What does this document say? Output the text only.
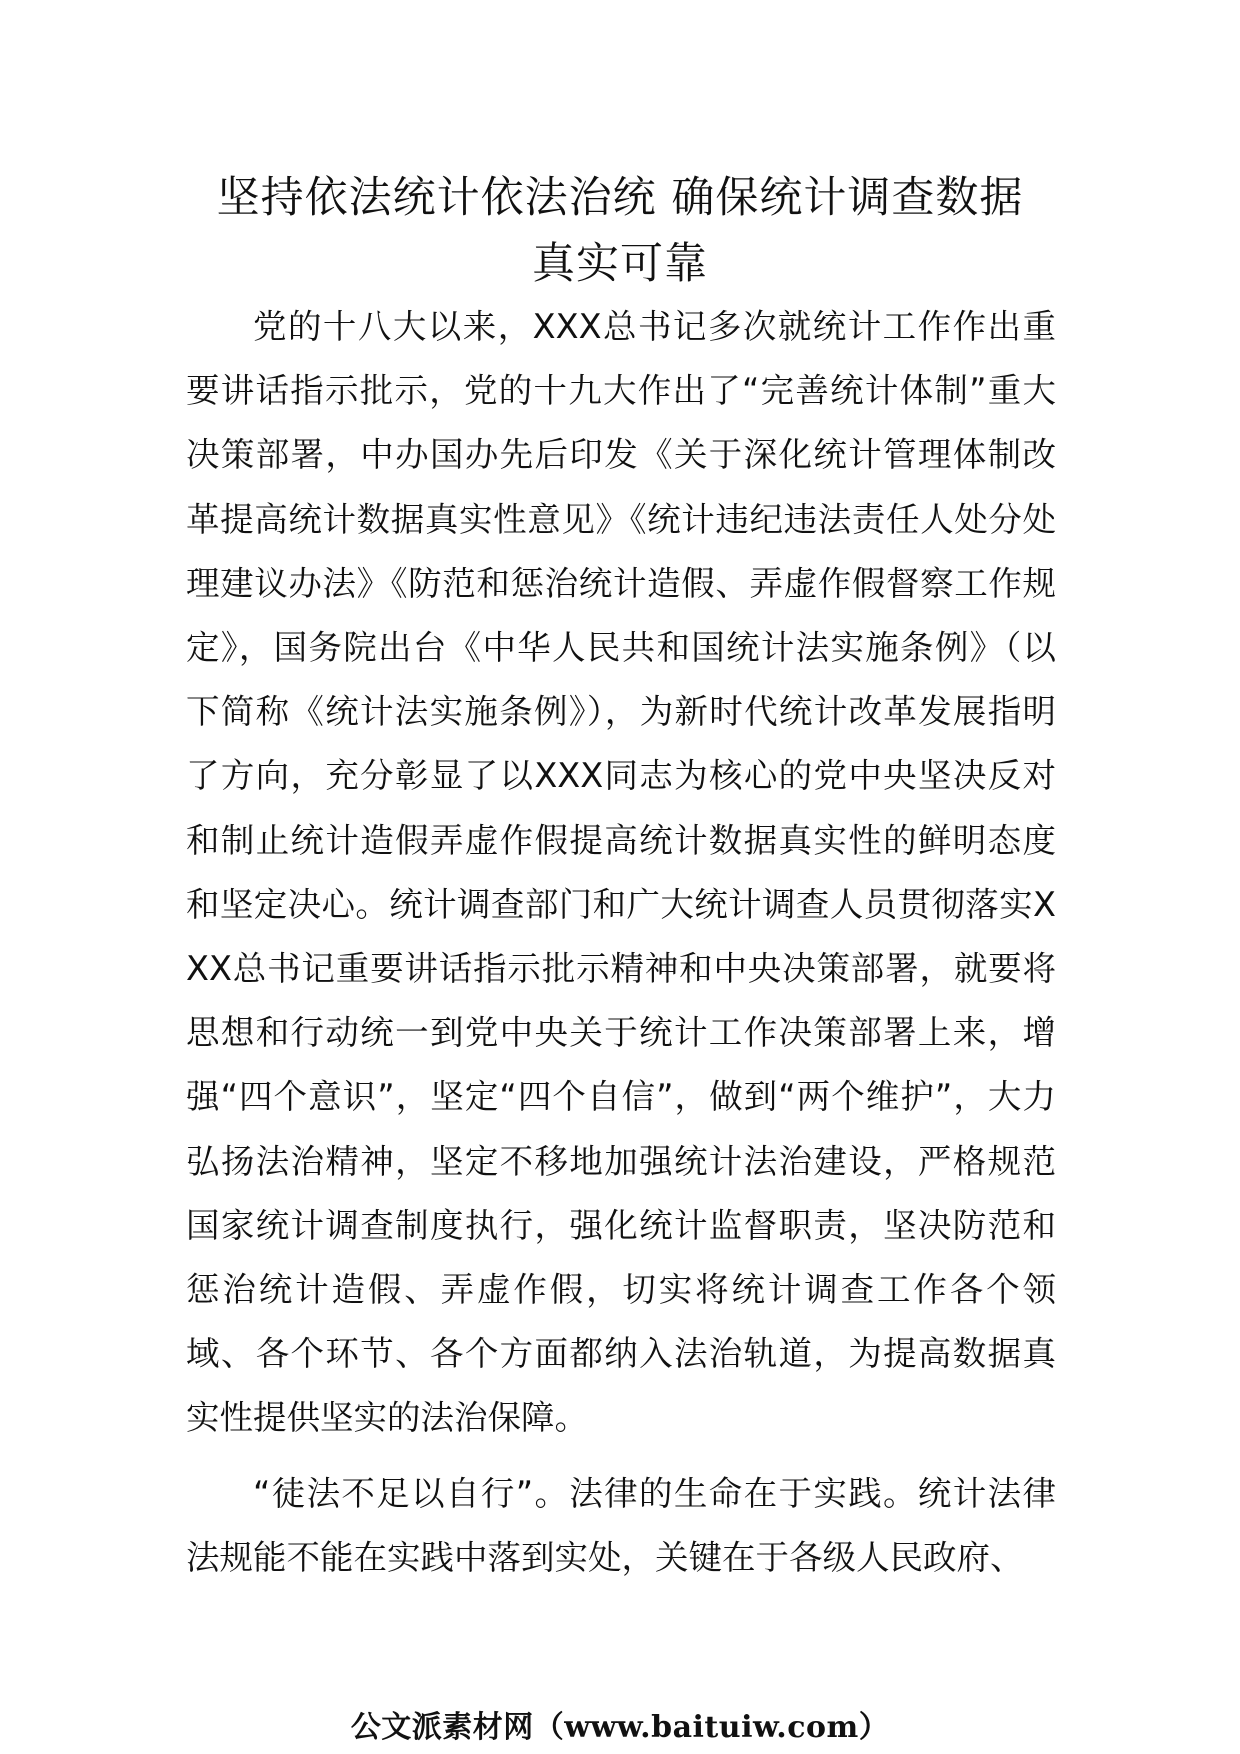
坚持依法统计依法治统 确保统计调查数据
真实可靠

党的十八大以来，XXX总书记多次就统计工作作出重要讲话指示批示，党的十九大作出了“完善统计体制”重大决策部署，中办国办先后印发《关于深化统计管理体制改革提高统计数据真实性意见》《统计违纪违法责任人处分处理建议办法》《防范和惩治统计造假、弄虚作假督察工作规定》，国务院出台《中华人民共和国统计法实施条例》（以下简称《统计法实施条例》），为新时代统计改革发展指明了方向，充分彰显了以XXX同志为核心的党中央坚决反对和制止统计造假弄虚作假提高统计数据真实性的鲜明态度和坚定决心。统计调查部门和广大统计调查人员贯彻落实XXX总书记重要讲话指示批示精神和中央决策部署，就要将思想和行动统一到党中央关于统计工作决策部署上来，增强“四个意识”，坚定“四个自信”，做到“两个维护”，大力弘扬法治精神，坚定不移地加强统计法治建设，严格规范国家统计调查制度执行，强化统计监督职责，坚决防范和惩治统计造假、弄虚作假，切实将统计调查工作各个领域、各个环节、各个方面都纳入法治轨道，为提高数据真实性提供坚实的法治保障。

“徒法不足以自行”。法律的生命在于实践。统计法律法规能不能在实践中落到实处，关键在于各级人民政府、

公文派素材网（www.baituiw.com）
